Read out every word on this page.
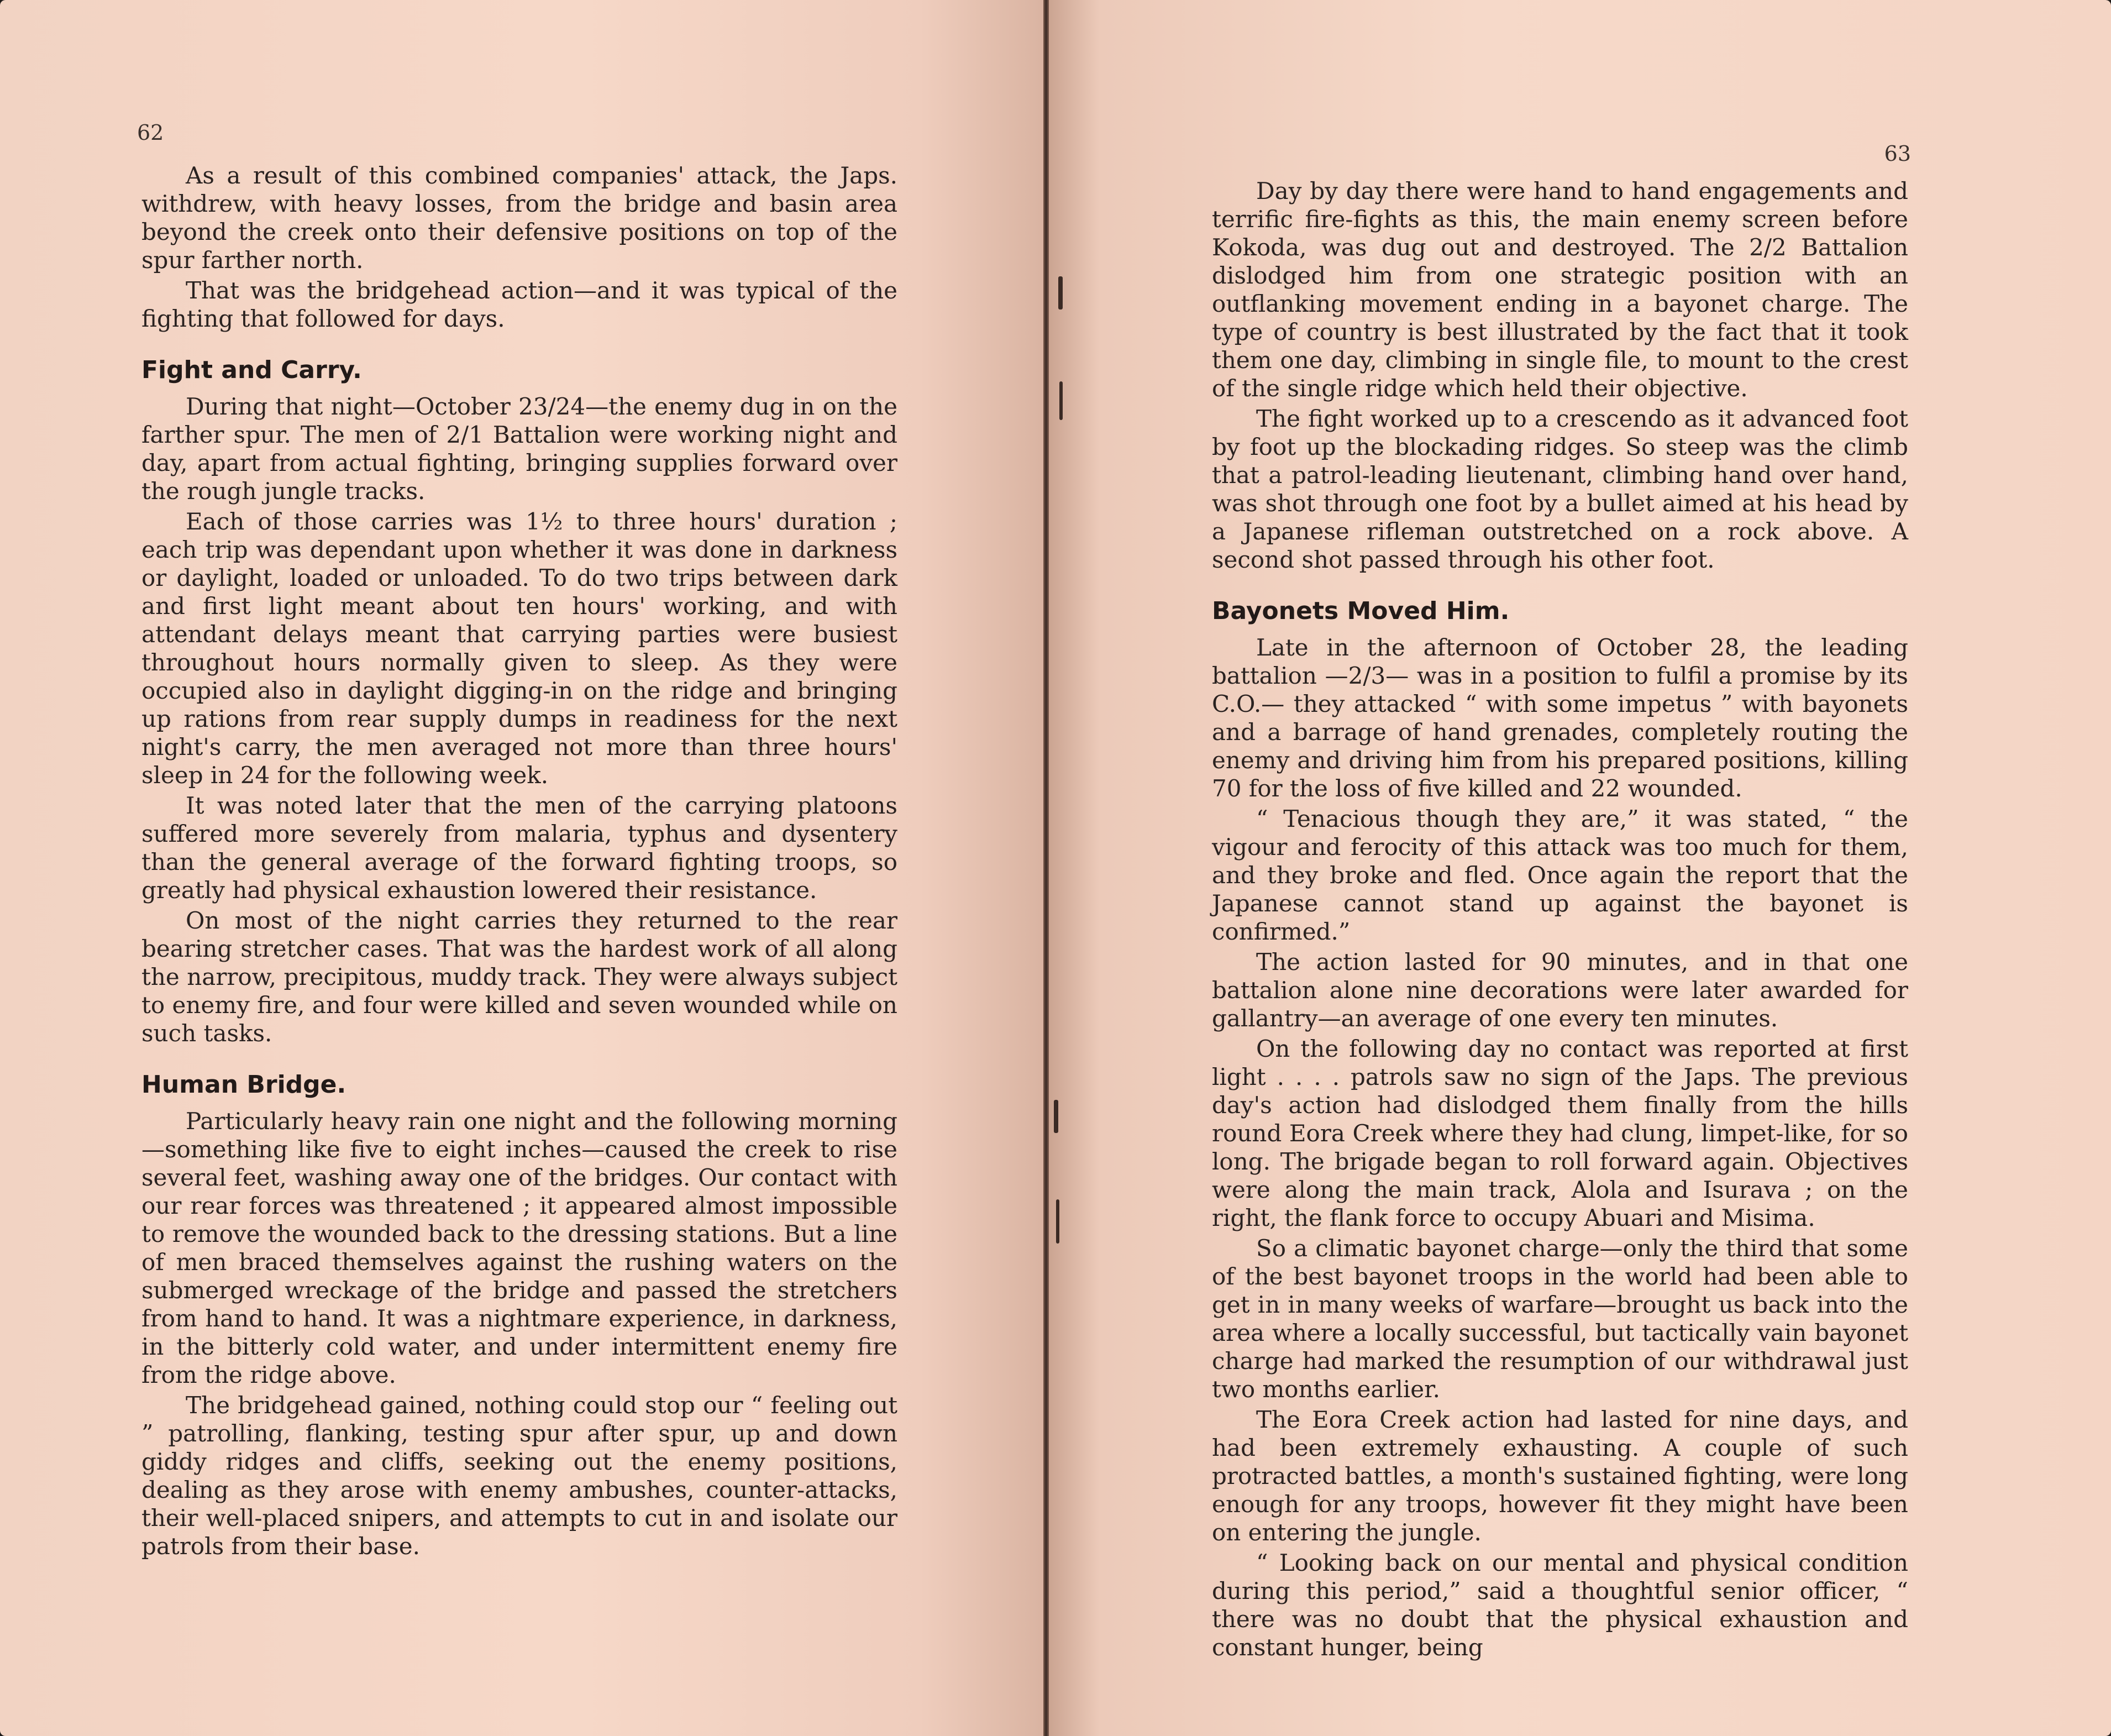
62

As a result of this combined companies' attack, the Japs. withdrew, with heavy losses, from the bridge and basin area beyond the creek onto their defensive positions on top of the spur farther north.

That was the bridgehead action—and it was typical of the fighting that followed for days.

Fight and Carry.

During that night—October 23/24—the enemy dug in on the farther spur. The men of 2/1 Battalion were working night and day, apart from actual fighting, bringing supplies forward over the rough jungle tracks.

Each of those carries was 1½ to three hours' duration ; each trip was dependant upon whether it was done in darkness or daylight, loaded or unloaded. To do two trips between dark and first light meant about ten hours' working, and with attendant delays meant that carrying parties were busiest throughout hours normally given to sleep. As they were occupied also in daylight digging-in on the ridge and bringing up rations from rear supply dumps in readiness for the next night's carry, the men averaged not more than three hours' sleep in 24 for the following week.

It was noted later that the men of the carrying platoons suffered more severely from malaria, typhus and dysentery than the general average of the forward fighting troops, so greatly had physical exhaustion lowered their resistance.

On most of the night carries they returned to the rear bearing stretcher cases. That was the hardest work of all along the narrow, precipitous, muddy track. They were always subject to enemy fire, and four were killed and seven wounded while on such tasks.

Human Bridge.

Particularly heavy rain one night and the following morning—something like five to eight inches—caused the creek to rise several feet, washing away one of the bridges. Our contact with our rear forces was threatened ; it appeared almost impossible to remove the wounded back to the dressing stations. But a line of men braced themselves against the rushing waters on the submerged wreckage of the bridge and passed the stretchers from hand to hand. It was a nightmare experience, in darkness, in the bitterly cold water, and under intermittent enemy fire from the ridge above.

The bridgehead gained, nothing could stop our “ feeling out ” patrolling, flanking, testing spur after spur, up and down giddy ridges and cliffs, seeking out the enemy positions, dealing as they arose with enemy ambushes, counter-attacks, their well-placed snipers, and attempts to cut in and isolate our patrols from their base.

63

Day by day there were hand to hand engagements and terrific fire-fights as this, the main enemy screen before Kokoda, was dug out and destroyed. The 2/2 Battalion dislodged him from one strategic position with an outflanking movement ending in a bayonet charge. The type of country is best illustrated by the fact that it took them one day, climbing in single file, to mount to the crest of the single ridge which held their objective.

The fight worked up to a crescendo as it advanced foot by foot up the blockading ridges. So steep was the climb that a patrol-leading lieutenant, climbing hand over hand, was shot through one foot by a bullet aimed at his head by a Japanese rifleman outstretched on a rock above. A second shot passed through his other foot.

Bayonets Moved Him.

Late in the afternoon of October 28, the leading battalion —2/3— was in a position to fulfil a promise by its C.O.— they attacked “ with some impetus ” with bayonets and a barrage of hand grenades, completely routing the enemy and driving him from his prepared positions, killing 70 for the loss of five killed and 22 wounded.

“ Tenacious though they are,” it was stated, “ the vigour and ferocity of this attack was too much for them, and they broke and fled. Once again the report that the Japanese cannot stand up against the bayonet is confirmed.”

The action lasted for 90 minutes, and in that one battalion alone nine decorations were later awarded for gallantry—an average of one every ten minutes.

On the following day no contact was reported at first light . . . . patrols saw no sign of the Japs. The previous day's action had dislodged them finally from the hills round Eora Creek where they had clung, limpet-like, for so long. The brigade began to roll forward again. Objectives were along the main track, Alola and Isurava ; on the right, the flank force to occupy Abuari and Misima.

So a climatic bayonet charge—only the third that some of the best bayonet troops in the world had been able to get in in many weeks of warfare—brought us back into the area where a locally successful, but tactically vain bayonet charge had marked the resumption of our withdrawal just two months earlier.

The Eora Creek action had lasted for nine days, and had been extremely exhausting. A couple of such protracted battles, a month's sustained fighting, were long enough for any troops, however fit they might have been on entering the jungle.

“ Looking back on our mental and physical condition during this period,” said a thoughtful senior officer, “ there was no doubt that the physical exhaustion and constant hunger, being
